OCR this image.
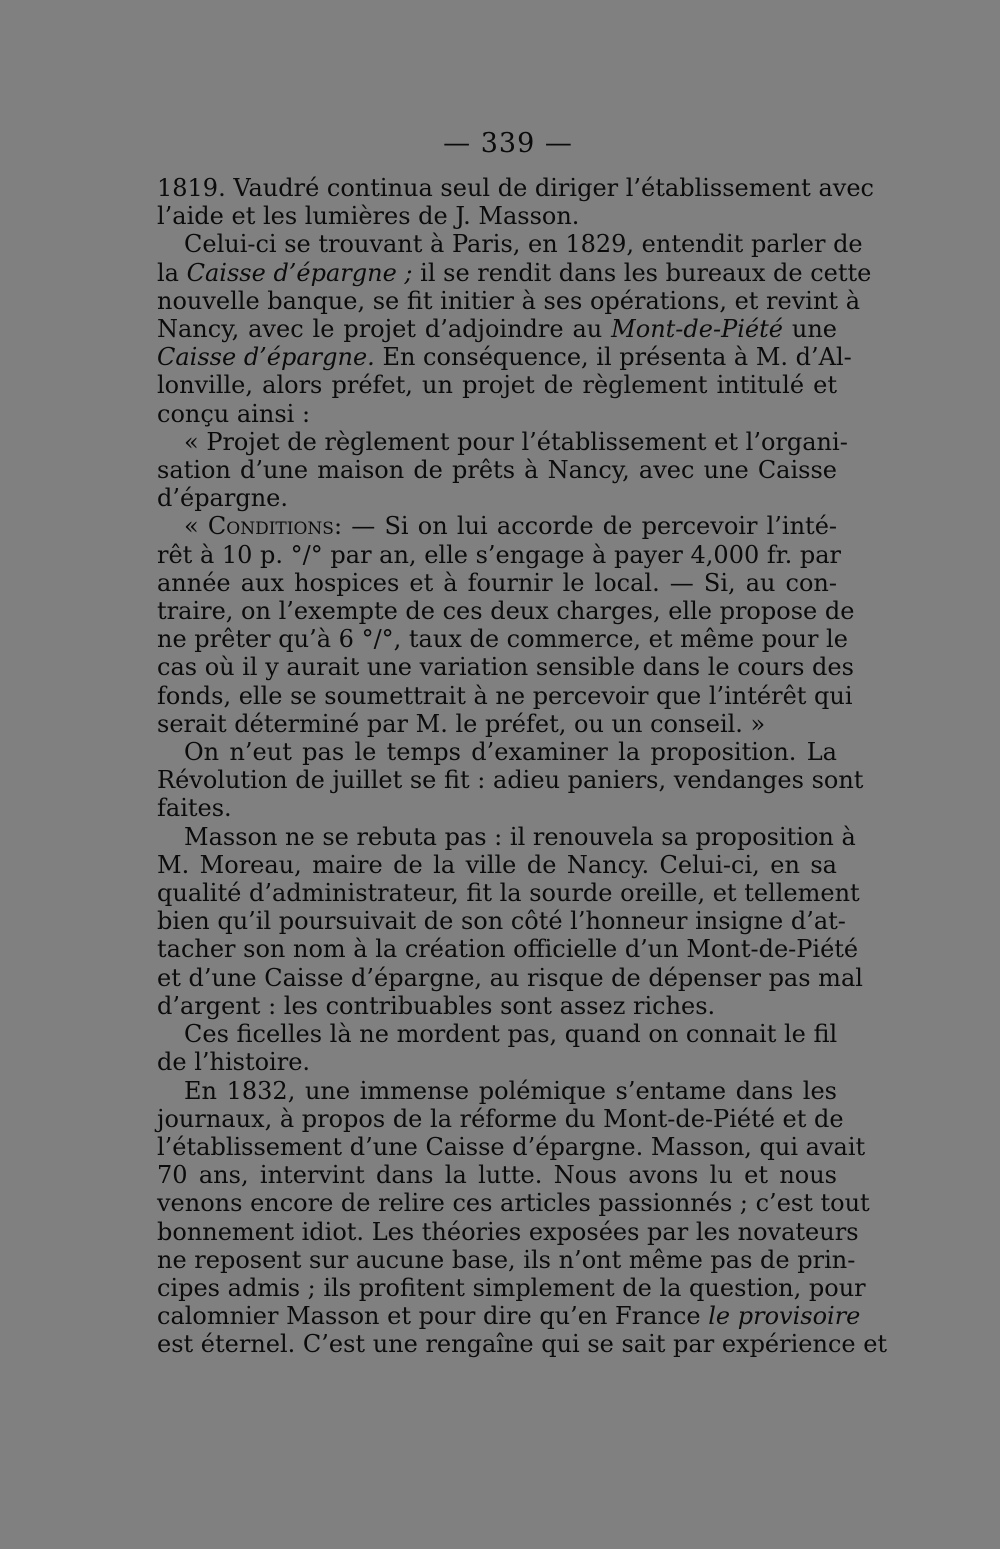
— 339 —

1819. Vaudré continua seul de diriger l’établissement avec
l’aide et les lumières de J. Masson.

Celui-ci se trouvant à Paris, en 1829, entendit parler de
la Caisse d’épargne ; il se rendit dans les bureaux de cette
nouvelle banque, se fit initier à ses opérations, et revint à
Nancy, avec le projet d’adjoindre au Mont-de-Piété une
Caisse d’épargne. En conséquence, il présenta à M. d’Al-
lonville, alors préfet, un projet de règlement intitulé et
conçu ainsi :

« Projet de règlement pour l’établissement et l’organi-
sation d’une maison de prêts à Nancy, avec une Caisse
d’épargne.

« Conditions: — Si on lui accorde de percevoir l’inté-
rêt à 10 p. °/° par an, elle s’engage à payer 4,000 fr. par
année aux hospices et à fournir le local. — Si, au con-
traire, on l’exempte de ces deux charges, elle propose de
ne prêter qu’à 6 °/°, taux de commerce, et même pour le
cas où il y aurait une variation sensible dans le cours des
fonds, elle se soumettrait à ne percevoir que l’intérêt qui
serait déterminé par M. le préfet, ou un conseil. »

On n’eut pas le temps d’examiner la proposition. La
Révolution de juillet se fit : adieu paniers, vendanges sont
faites.

Masson ne se rebuta pas : il renouvela sa proposition à
M. Moreau, maire de la ville de Nancy. Celui-ci, en sa
qualité d’administrateur, fit la sourde oreille, et tellement
bien qu’il poursuivait de son côté l’honneur insigne d’at-
tacher son nom à la création officielle d’un Mont-de-Piété
et d’une Caisse d’épargne, au risque de dépenser pas mal
d’argent : les contribuables sont assez riches.

Ces ficelles là ne mordent pas, quand on connait le fil
de l’histoire.

En 1832, une immense polémique s’entame dans les
journaux, à propos de la réforme du Mont-de-Piété et de
l’établissement d’une Caisse d’épargne. Masson, qui avait
70 ans, intervint dans la lutte. Nous avons lu et nous
venons encore de relire ces articles passionnés ; c’est tout
bonnement idiot. Les théories exposées par les novateurs
ne reposent sur aucune base, ils n’ont même pas de prin-
cipes admis ; ils profitent simplement de la question, pour
calomnier Masson et pour dire qu’en France le provisoire
est éternel. C’est une rengaîne qui se sait par expérience et
